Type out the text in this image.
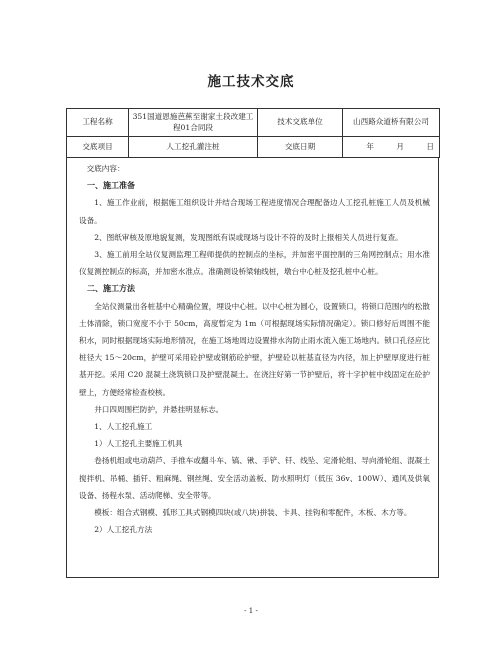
施工技术交底
工程名称	351国道恩施芭蕉至谢家土段改建工程01合同段	技术交底单位	山西路众道桥有限公司
交底项目	人工挖孔灌注桩	交底日期	年 月 日

交底内容：

一、施工准备

1、施工作业前，根据施工组织设计并结合现场工程进度情况合理配备边人工挖孔桩施工人员及机械设备。

2、图纸审核及原地貌复测，发现图纸有误或现场与设计不符的及时上报相关人员进行复查。

3、施工前用全站仪复测监理工程师提供的控制点的坐标，并加密平面控制的三角网控制点；用水准仪复测控制点的标高，并加密水准点。准确测设桥梁轴线桩，墩台中心桩及挖孔桩中心桩。

二、施工方法

全站仪测量出各桩基中心精确位置，埋设中心桩。以中心桩为圆心，设置锁口，将锁口范围内的松散土体清除，锁口宽度不小于 50cm，高度暂定为 1m（可根据现场实际情况确定）。锁口修好后周围不能积水，同时根据现场实际地形情况，在施工场地周边设置排水沟防止雨水流入施工场地内。锁口孔径应比桩径大 15～20cm，护壁可采用砼护壁或钢筋砼护壁，护壁砼以桩基直径为内径，加上护壁厚度进行桩基开挖。采用 C20 混凝土浇筑锁口及护壁混凝土。在浇注好第一节护壁后，将十字护桩中线固定在砼护壁上，方便经常检查校核。

井口四周围栏防护，并悬挂明显标志。

1、人工挖孔施工

1）人工挖孔主要施工机具

卷扬机组或电动葫芦、手推车或翻斗车、镐、锹、手铲、钎、线坠、定滑轮组、导向滑轮组、混凝土搅拌机、吊桶、插钎、粗麻绳、钢丝绳、安全活动盖板、防水照明灯（低压 36v、100W）、通风及供氧设备、扬程水泵、活动爬梯、安全带等。

模板：组合式钢模、弧形工具式钢模四块(或八块)拼装、卡具、挂钩和零配件，木板、木方等。

2）人工挖孔方法

- 1 -
